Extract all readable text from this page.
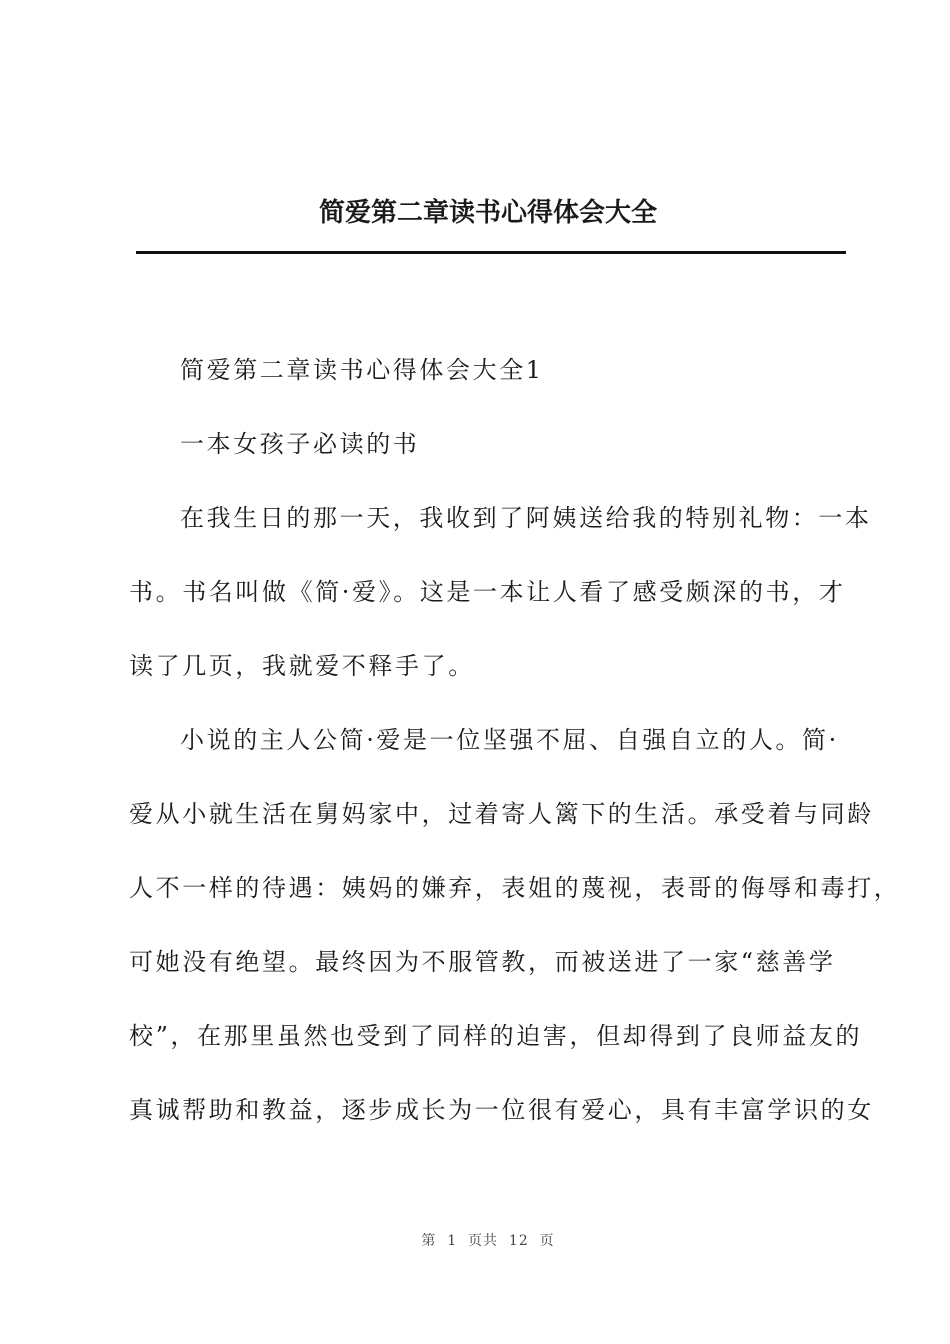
简爱第二章读书心得体会大全
简爱第二章读书心得体会大全1
一本女孩子必读的书
在我生日的那一天，我收到了阿姨送给我的特别礼物：一本
书。书名叫做《简·爱》。这是一本让人看了感受颇深的书，才
读了几页，我就爱不释手了。
小说的主人公简·爱是一位坚强不屈、自强自立的人。简·
爱从小就生活在舅妈家中，过着寄人篱下的生活。承受着与同龄
人不一样的待遇：姨妈的嫌弃，表姐的蔑视，表哥的侮辱和毒打，
可她没有绝望。最终因为不服管教，而被送进了一家“慈善学
校”，在那里虽然也受到了同样的迫害，但却得到了良师益友的
真诚帮助和教益，逐步成长为一位很有爱心，具有丰富学识的女
第  1  页共  12  页
